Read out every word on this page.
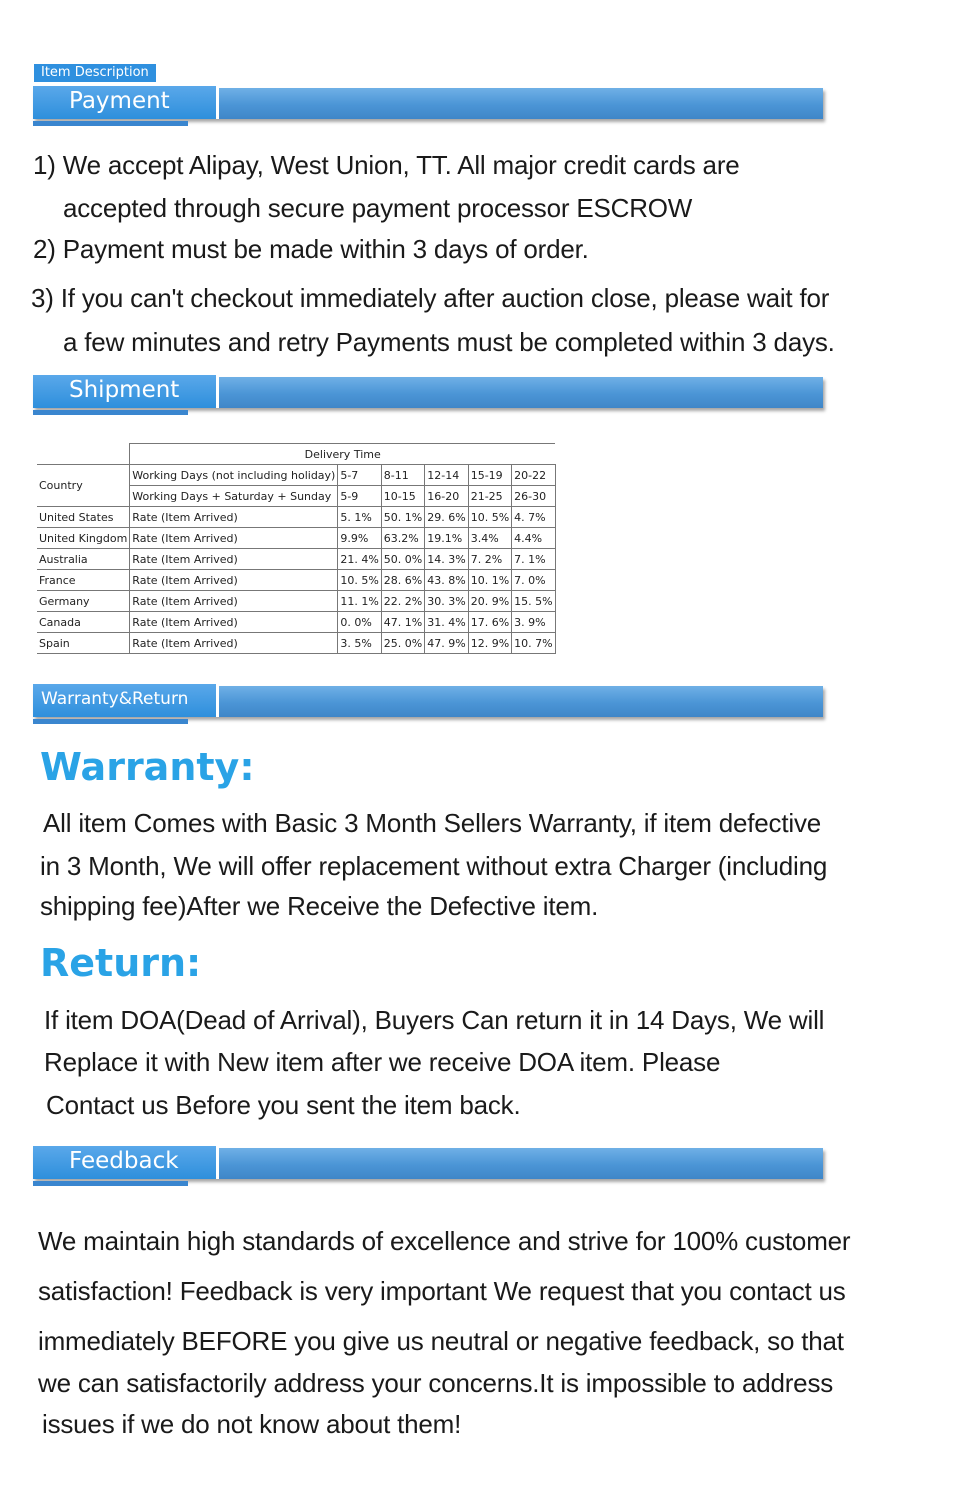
Item Description
Payment
1) We accept Alipay, West Union, TT. All major credit cards are
accepted through secure payment processor ESCROW
2) Payment must be made within 3 days of order.
3) If you can't checkout immediately after auction close, please wait for
a few minutes and retry Payments must be completed within 3 days.
Shipment
	Delivery Time					
Country	Working Days (not including holiday)	5-7	8-11	12-14	15-19	20-22
	Working Days + Saturday + Sunday	5-9	10-15	16-20	21-25	26-30
United States	Rate (Item Arrived)	5. 1%	50. 1%	29. 6%	10. 5%	4. 7%
United Kingdom	Rate (Item Arrived)	9.9%	63.2%	19.1%	3.4%	4.4%
Australia	Rate (Item Arrived)	21. 4%	50. 0%	14. 3%	7. 2%	7. 1%
France	Rate (Item Arrived)	10. 5%	28. 6%	43. 8%	10. 1%	7. 0%
Germany	Rate (Item Arrived)	11. 1%	22. 2%	30. 3%	20. 9%	15. 5%
Canada	Rate (Item Arrived)	0. 0%	47. 1%	31. 4%	17. 6%	3. 9%
Spain	Rate (Item Arrived)	3. 5%	25. 0%	47. 9%	12. 9%	10. 7%
Warranty&Return
Warranty:
All item Comes with Basic 3 Month Sellers Warranty, if item defective
in 3 Month, We will offer replacement without extra Charger (including
shipping fee)After we Receive the Defective item.
Return:
If item DOA(Dead of Arrival), Buyers Can return it in 14 Days, We will
Replace it with New item after we receive DOA item. Please
Contact us Before you sent the item back.
Feedback
We maintain high standards of excellence and strive for 100% customer
satisfaction! Feedback is very important We request that you contact us
immediately BEFORE you give us neutral or negative feedback, so that
we can satisfactorily address your concerns.It is impossible to address
issues if we do not know about them!
